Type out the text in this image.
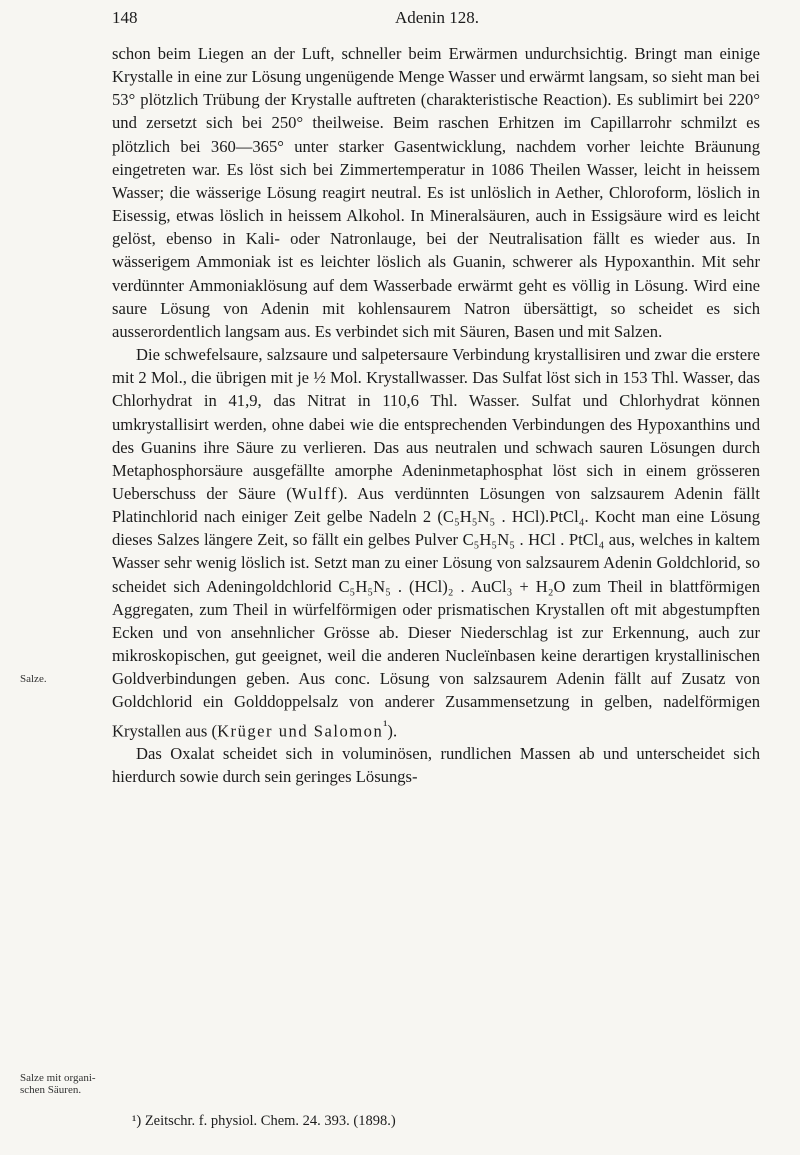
148	Adenin 128.
Salze.
Salze mit organi-
schen Säuren.

schon beim Liegen an der Luft, schneller beim Erwärmen undurchsichtig. Bringt man einige Krystalle in eine zur Lösung ungenügende Menge Wasser und erwärmt langsam, so sieht man bei 53° plötzlich Trübung der Krystalle auftreten (charakteristische Reaction). Es sublimirt bei 220° und zersetzt sich bei 250° theilweise. Beim raschen Erhitzen im Capillarrohr schmilzt es plötzlich bei 360—365° unter starker Gasentwicklung, nachdem vorher leichte Bräunung eingetreten war. Es löst sich bei Zimmertemperatur in 1086 Theilen Wasser, leicht in heissem Wasser; die wässerige Lösung reagirt neutral. Es ist unlöslich in Aether, Chloroform, löslich in Eisessig, etwas löslich in heissem Alkohol. In Mineralsäuren, auch in Essigsäure wird es leicht gelöst, ebenso in Kali- oder Natronlauge, bei der Neutralisation fällt es wieder aus. In wässerigem Ammoniak ist es leichter löslich als Guanin, schwerer als Hypoxanthin. Mit sehr verdünnter Ammoniaklösung auf dem Wasserbade erwärmt geht es völlig in Lösung. Wird eine saure Lösung von Adenin mit kohlensaurem Natron übersättigt, so scheidet es sich ausserordentlich langsam aus. Es verbindet sich mit Säuren, Basen und mit Salzen.

Die schwefelsaure, salzsaure und salpetersaure Verbindung krystallisiren und zwar die erstere mit 2 Mol., die übrigen mit je ½ Mol. Krystallwasser. Das Sulfat löst sich in 153 Thl. Wasser, das Chlorhydrat in 41,9, das Nitrat in 110,6 Thl. Wasser. Sulfat und Chlorhydrat können umkrystallisirt werden, ohne dabei wie die entsprechenden Verbindungen des Hypoxanthins und des Guanins ihre Säure zu verlieren. Das aus neutralen und schwach sauren Lösungen durch Metaphosphorsäure ausgefällte amorphe Adeninmetaphosphat löst sich in einem grösseren Ueberschuss der Säure (Wulff). Aus verdünnten Lösungen von salzsaurem Adenin fällt Platinchlorid nach einiger Zeit gelbe Nadeln 2 (C₅H₅N₅ . HCl).PtCl₄. Kocht man eine Lösung dieses Salzes längere Zeit, so fällt ein gelbes Pulver C₅H₅N₅ . HCl . PtCl₄ aus, welches in kaltem Wasser sehr wenig löslich ist. Setzt man zu einer Lösung von salzsaurem Adenin Goldchlorid, so scheidet sich Adeningoldchlorid C₅H₅N₅ . (HCl)₂ . AuCl₃ + H₂O zum Theil in blattförmigen Aggregaten, zum Theil in würfelförmigen oder prismatischen Krystallen oft mit abgestumpften Ecken und von ansehnlicher Grösse ab. Dieser Niederschlag ist zur Erkennung, auch zur mikroskopischen, gut geeignet, weil die anderen Nucleïnbasen keine derartigen krystallinischen Goldverbindungen geben. Aus conc. Lösung von salzsaurem Adenin fällt auf Zusatz von Goldchlorid ein Golddoppelsalz von anderer Zusammensetzung in gelben, nadelförmigen Krystallen aus (Krüger und Salomon$^{^1}$).

Das Oxalat scheidet sich in voluminösen, rundlichen Massen ab und unterscheidet sich hierdurch sowie durch sein geringes Lösungs-

¹) Zeitschr. f. physiol. Chem. 24. 393. (1898.)
